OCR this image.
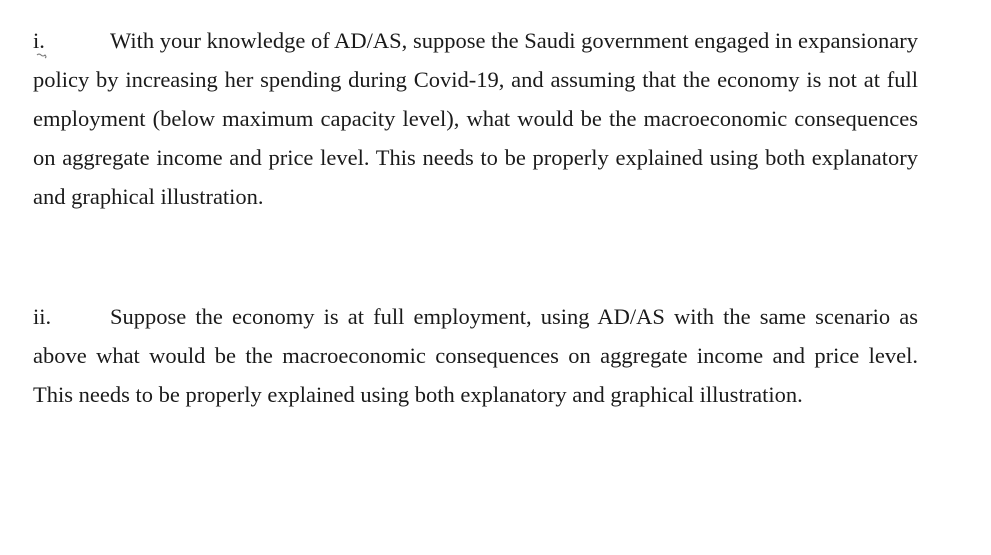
i.	With your knowledge of AD/AS, suppose the Saudi government engaged in expansionary policy by increasing her spending during Covid-19, and assuming that the economy is not at full employment (below maximum capacity level), what would be the macroeconomic consequences on aggregate income and price level. This needs to be properly explained using both explanatory and graphical illustration.
ii.	Suppose the economy is at full employment, using AD/AS with the same scenario as above what would be the macroeconomic consequences on aggregate income and price level. This needs to be properly explained using both explanatory and graphical illustration.
